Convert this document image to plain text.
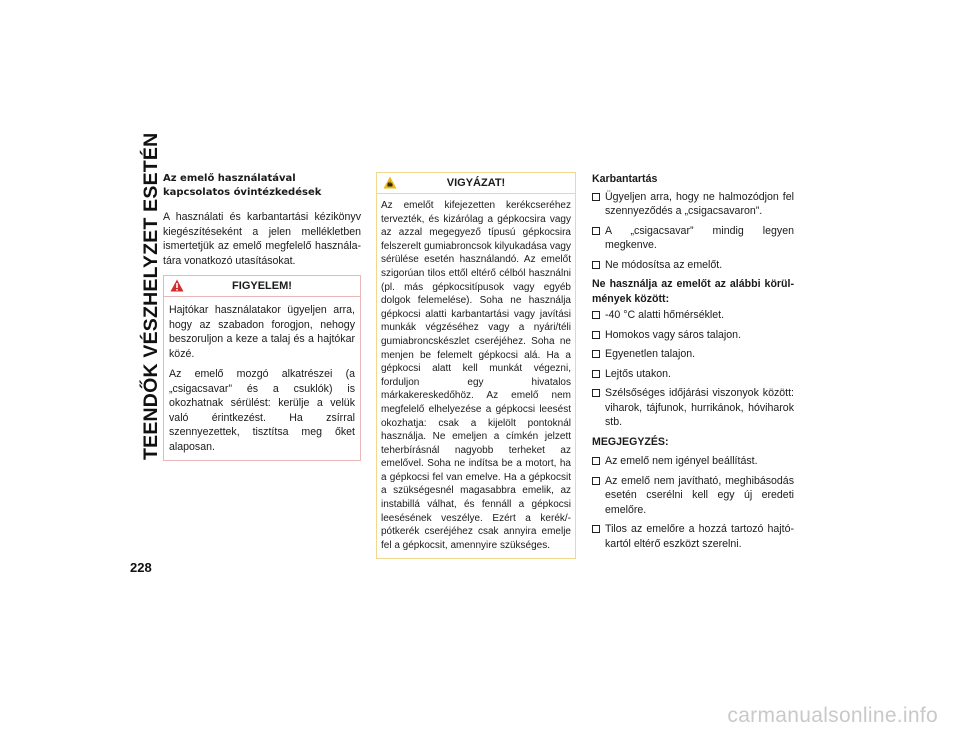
TEENDŐK VÉSZHELYZET ESETÉN
228

Az emelő használatával kapcsolatos óvintézkedések

A használati és karbantartási kézikönyv kiegészítéseként a jelen mellékletben ismertetjük az emelő megfelelő használa-tára vonatkozó utasításokat.

FIGYELEM!

Hajtókar használatakor ügyeljen arra, hogy az szabadon forogjon, nehogy beszoruljon a keze a talaj és a hajtókar közé.

Az emelő mozgó alkatrészei (a „csigacsavar” és a csuklók) is okozhatnak sérülést: kerülje a velük való érintkezést. Ha zsírral szennyezettek, tisztítsa meg őket alaposan.

VIGYÁZAT!

Az emelőt kifejezetten kerékcseréhez tervezték, és kizárólag a gépkocsira vagy az azzal megegyező típusú gépkocsira felszerelt gumiabroncsok kilyukadása vagy sérülése esetén használandó. Az emelőt szigorúan tilos ettől eltérő célból használni (pl. más gépkocsitípusok vagy egyéb dolgok felemelése). Soha ne használja gépkocsi alatti karbantartási vagy javítási munkák végzéséhez vagy a nyári/téli gumiabroncskészlet cseréjéhez. Soha ne menjen be felemelt gépkocsi alá. Ha a gépkocsi alatt kell munkát végezni, forduljon egy hivatalos márkakereskedőhöz. Az emelő nem megfelelő elhelyezése a gépkocsi leesést okozhatja: csak a kijelölt pontoknál használja. Ne emeljen a címkén jelzett teherbírásnál nagyobb terheket az emelővel. Soha ne indítsa be a motort, ha a gépkocsi fel van emelve. Ha a gépkocsit a szükségesnél magasabbra emelik, az instabillá válhat, és fennáll a gépkocsi leesésének veszélye. Ezért a kerék/-pótkerék cseréjéhez csak annyira emelje fel a gépkocsit, amennyire szükséges.

Karbantartás
Ügyeljen arra, hogy ne halmozódjon fel szennyeződés a „csigacsavaron”.
A „csigacsavar” mindig legyen megkenve.
Ne módosítsa az emelőt.

Ne használja az emelőt az alábbi körül-mények között:

-40 °C alatti hőmérséklet.
Homokos vagy sáros talajon.
Egyenetlen talajon.
Lejtős utakon.
Szélsőséges időjárási viszonyok között: viharok, tájfunok, hurrikánok, hóviharok stb.

MEGJEGYZÉS:

Az emelő nem igényel beállítást.
Az emelő nem javítható, meghibásodás esetén cserélni kell egy új eredeti emelőre.
Tilos az emelőre a hozzá tartozó hajtó-kartól eltérő eszközt szerelni.
carmanualsonline.info
